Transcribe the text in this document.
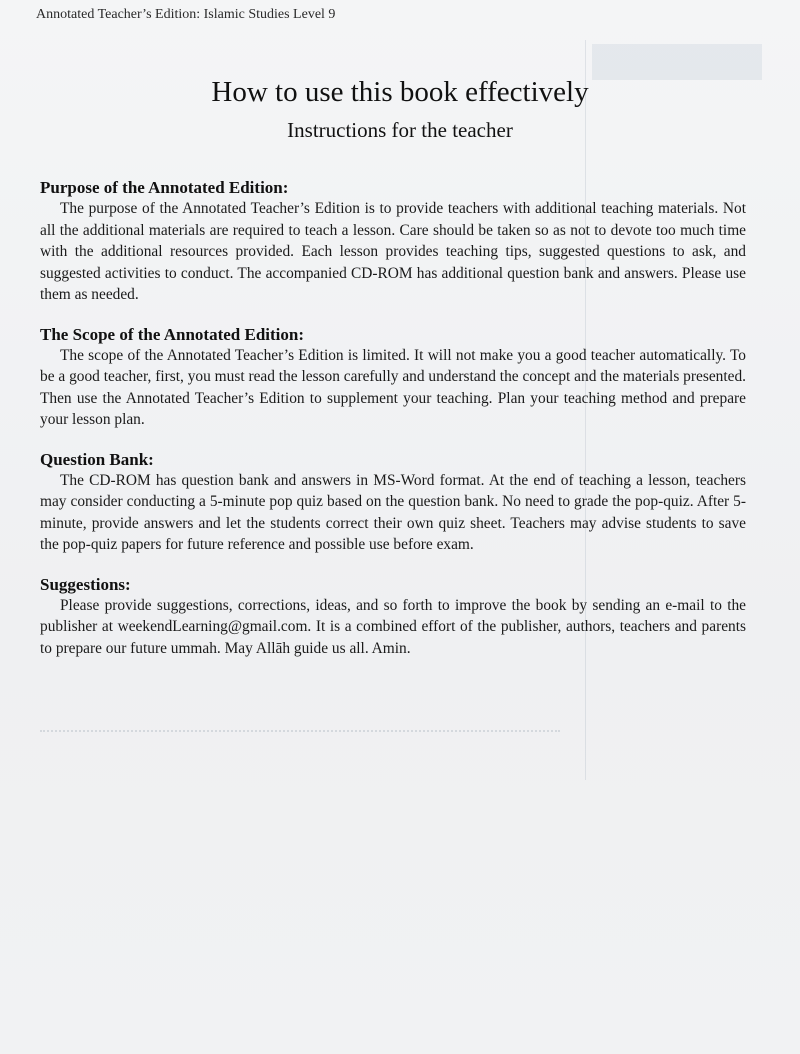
Annotated Teacher’s Edition: Islamic Studies Level 9
How to use this book effectively
Instructions for the teacher
Purpose of the Annotated Edition:

The purpose of the Annotated Teacher’s Edition is to provide teachers with additional teaching materials. Not all the additional materials are required to teach a lesson. Care should be taken so as not to devote too much time with the additional resources provided. Each lesson provides teaching tips, suggested questions to ask, and suggested activities to conduct. The accompanied CD-ROM has additional question bank and answers. Please use them as needed.

The Scope of the Annotated Edition:

The scope of the Annotated Teacher’s Edition is limited. It will not make you a good teacher automatically. To be a good teacher, first, you must read the lesson carefully and understand the concept and the materials presented. Then use the Annotated Teacher’s Edition to supplement your teaching. Plan your teaching method and prepare your lesson plan.

Question Bank:

The CD-ROM has question bank and answers in MS-Word format. At the end of teaching a lesson, teachers may consider conducting a 5-minute pop quiz based on the question bank. No need to grade the pop-quiz. After 5-minute, provide answers and let the students correct their own quiz sheet. Teachers may advise students to save the pop-quiz papers for future reference and possible use before exam.

Suggestions:

Please provide suggestions, corrections, ideas, and so forth to improve the book by sending an e-mail to the publisher at weekendLearning@gmail.com. It is a combined effort of the publisher, authors, teachers and parents to prepare our future ummah. May Allāh guide us all. Amin.
